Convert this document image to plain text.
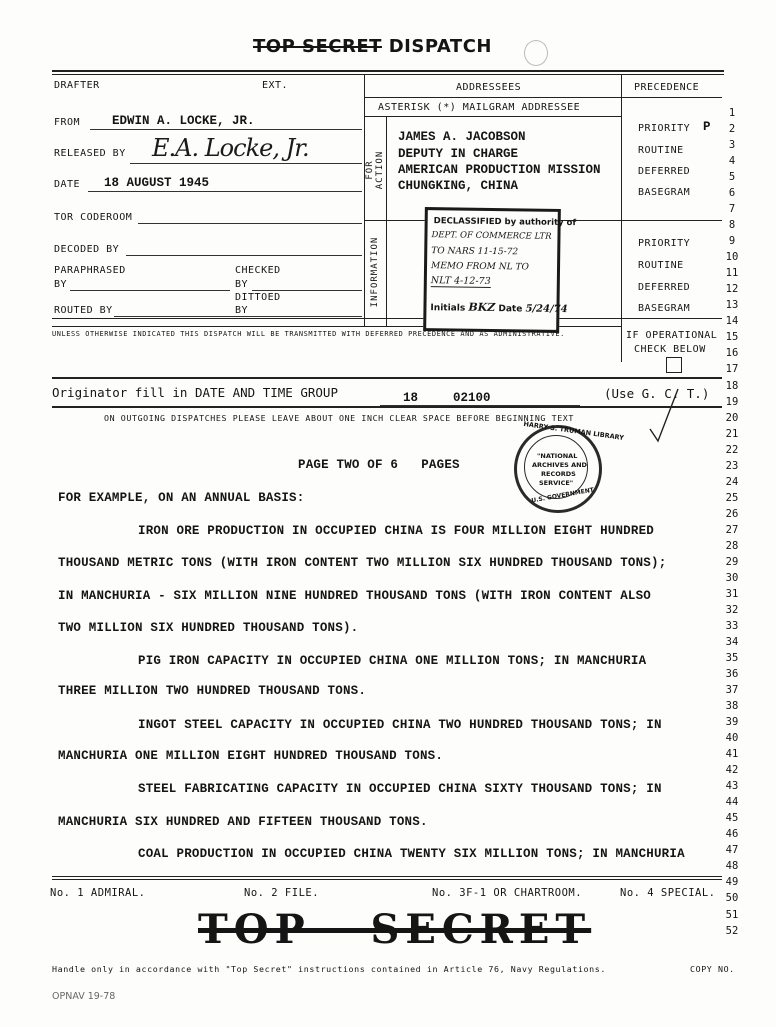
TOP SECRET DISPATCH
DRAFTER	EXT.	ADDRESSEES	PRECEDENCE
ASTERISK (*) MAILGRAM ADDRESSEE
FROM	EDWIN A. LOCKE, JR.
RELEASED BY E.A. Locke, Jr.
DATE 18 AUGUST 1945
TOR CODEROOM
DECODED BY
PARAPHRASED
BY
CHECKED
BY
DITTOED
BY
ROUTED BY
FOR ACTION
INFORMATION
JAMES A. JACOBSON
DEPUTY IN CHARGE
AMERICAN PRODUCTION MISSION
CHUNGKING, CHINA
PRIORITY P
ROUTINE
DEFERRED
BASEGRAM
PRIORITY
ROUTINE
DEFERRED
BASEGRAM
DECLASSIFIED by authority of
DEPT. OF COMMERCE LTR
TO NARS 11-15-72
MEMO FROM NL TO
NLT 4-12-73
Initials BKZ Date 5/24/74
UNLESS OTHERWISE INDICATED THIS DISPATCH WILL BE TRANSMITTED WITH DEFERRED PRECEDENCE AND AS ADMINISTRATIVE.	IF OPERATIONAL
CHECK BELOW
Originator fill in DATE AND TIME GROUP	18	02100	(Use G. C. T.)
ON OUTGOING DISPATCHES PLEASE LEAVE ABOUT ONE INCH CLEAR SPACE BEFORE BEGINNING TEXT
HARRY S. TRUMAN LIBRARY
"NATIONAL
ARCHIVES AND
RECORDS
SERVICE"
U.S. GOVERNMENT
PAGE TWO OF 6   PAGES
FOR EXAMPLE, ON AN ANNUAL BASIS:
IRON ORE PRODUCTION IN OCCUPIED CHINA IS FOUR MILLION EIGHT HUNDRED
THOUSAND METRIC TONS (WITH IRON CONTENT TWO MILLION SIX HUNDRED THOUSAND TONS);
IN MANCHURIA - SIX MILLION NINE HUNDRED THOUSAND TONS (WITH IRON CONTENT ALSO
TWO MILLION SIX HUNDRED THOUSAND TONS).
PIG IRON CAPACITY IN OCCUPIED CHINA ONE MILLION TONS; IN MANCHURIA
THREE MILLION TWO HUNDRED THOUSAND TONS.
INGOT STEEL CAPACITY IN OCCUPIED CHINA TWO HUNDRED THOUSAND TONS; IN
MANCHURIA ONE MILLION EIGHT HUNDRED THOUSAND TONS.
STEEL FABRICATING CAPACITY IN OCCUPIED CHINA SIXTY THOUSAND TONS; IN
MANCHURIA SIX HUNDRED AND FIFTEEN THOUSAND TONS.
COAL PRODUCTION IN OCCUPIED CHINA TWENTY SIX MILLION TONS; IN MANCHURIA
1
2
3
4
5
6
7
8
9
10
11
12
13
14
15
16
17
18
19
20
21
22
23
24
25
26
27
28
29
30
31
32
33
34
35
36
37
38
39
40
41
42
43
44
45
46
47
48
49
50
51
52
No. 1 ADMIRAL.	No. 2 FILE.	No. 3F-1 OR CHARTROOM.	No. 4 SPECIAL.
TOP   SECRET
Handle only in accordance with "Top Secret" instructions contained in Article 76, Navy Regulations.	COPY NO.
OPNAV 19-78
